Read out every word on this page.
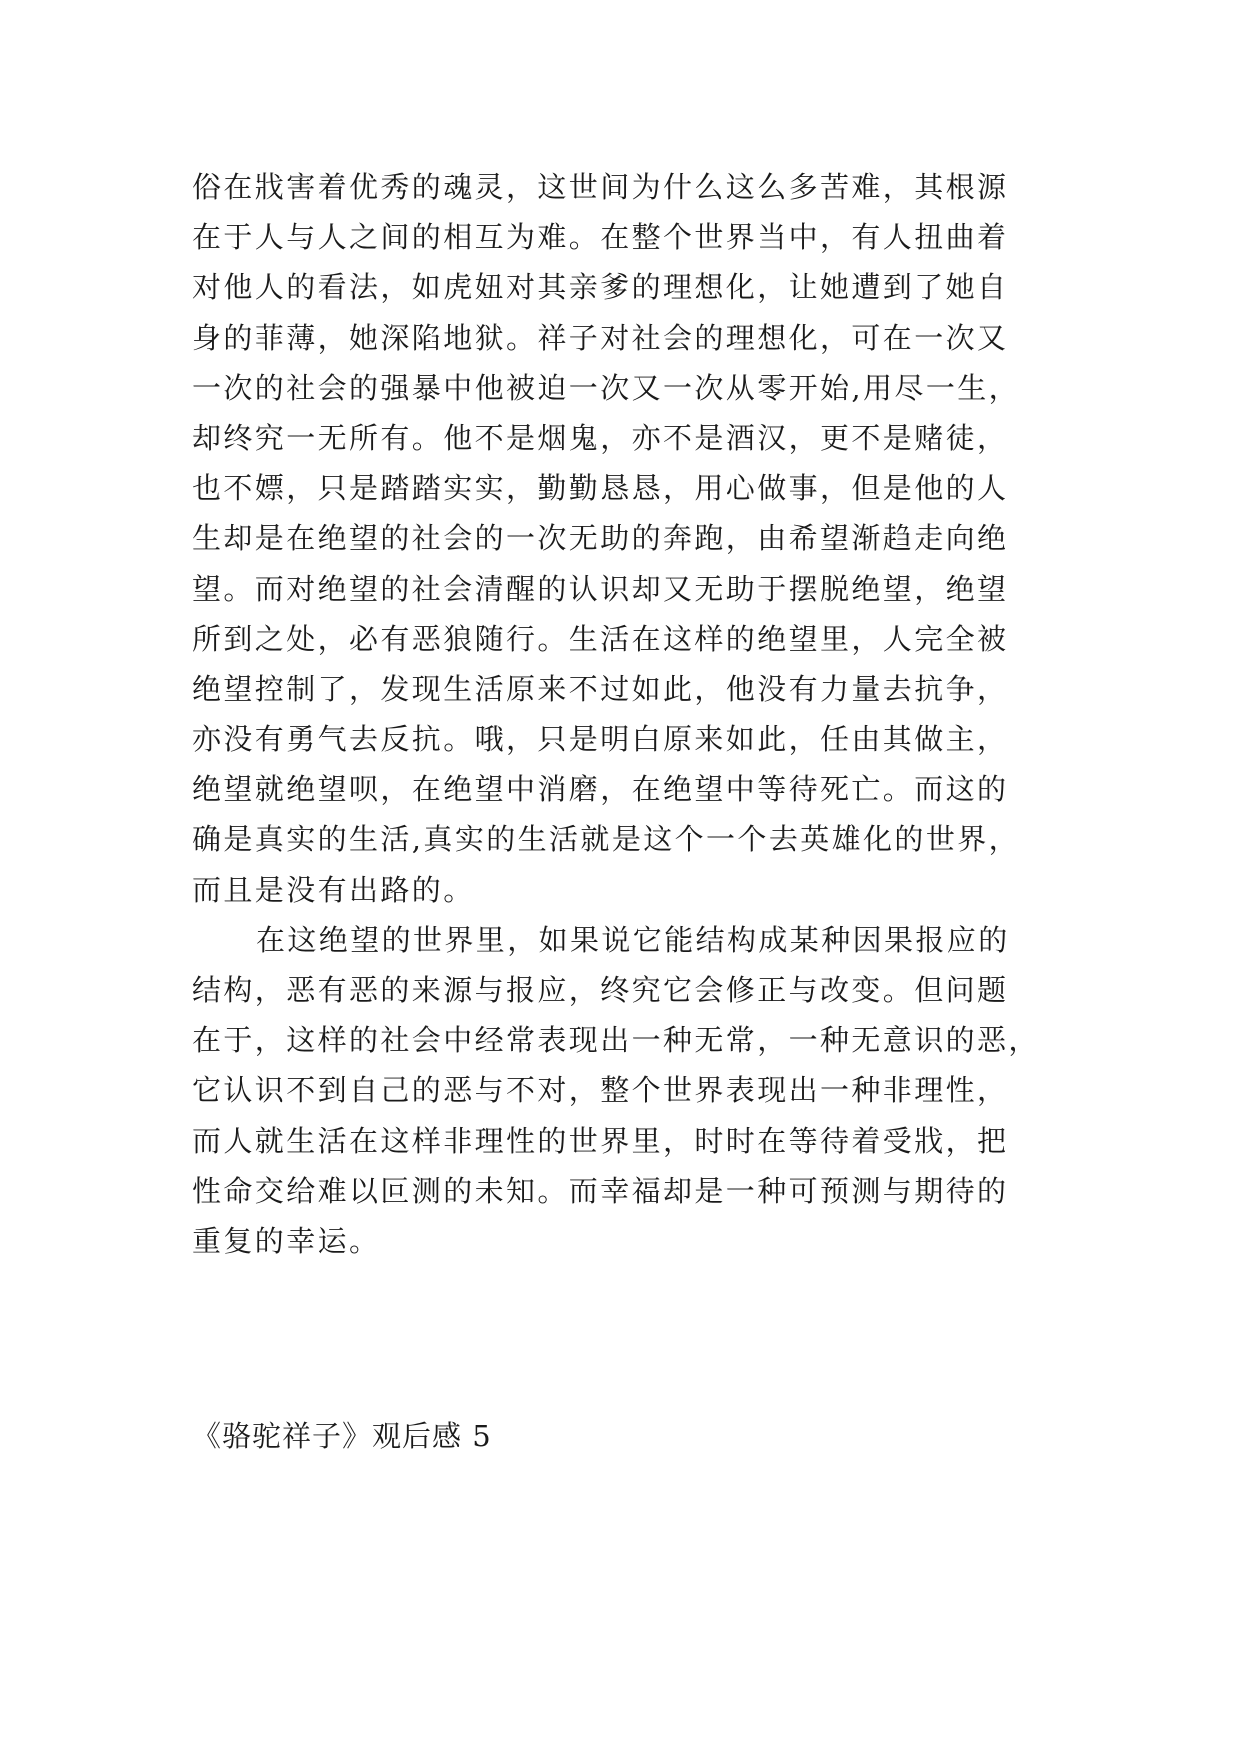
俗在戕害着优秀的魂灵，这世间为什么这么多苦难，其根源
在于人与人之间的相互为难。在整个世界当中，有人扭曲着
对他人的看法，如虎妞对其亲爹的理想化，让她遭到了她自
身的菲薄，她深陷地狱。祥子对社会的理想化，可在一次又
一次的社会的强暴中他被迫一次又一次从零开始,用尽一生，
却终究一无所有。他不是烟鬼，亦不是酒汉，更不是赌徒，
也不嫖，只是踏踏实实，勤勤恳恳，用心做事，但是他的人
生却是在绝望的社会的一次无助的奔跑，由希望渐趋走向绝
望。而对绝望的社会清醒的认识却又无助于摆脱绝望，绝望
所到之处，必有恶狼随行。生活在这样的绝望里，人完全被
绝望控制了，发现生活原来不过如此，他没有力量去抗争，
亦没有勇气去反抗。哦，只是明白原来如此，任由其做主，
绝望就绝望呗，在绝望中消磨，在绝望中等待死亡。而这的
确是真实的生活,真实的生活就是这个一个去英雄化的世界，
而且是没有出路的。
在这绝望的世界里，如果说它能结构成某种因果报应的
结构，恶有恶的来源与报应，终究它会修正与改变。但问题
在于，这样的社会中经常表现出一种无常，一种无意识的恶，
它认识不到自己的恶与不对，整个世界表现出一种非理性，
而人就生活在这样非理性的世界里，时时在等待着受戕，把
性命交给难以叵测的未知。而幸福却是一种可预测与期待的
重复的幸运。
《骆驼祥子》观后感 5
